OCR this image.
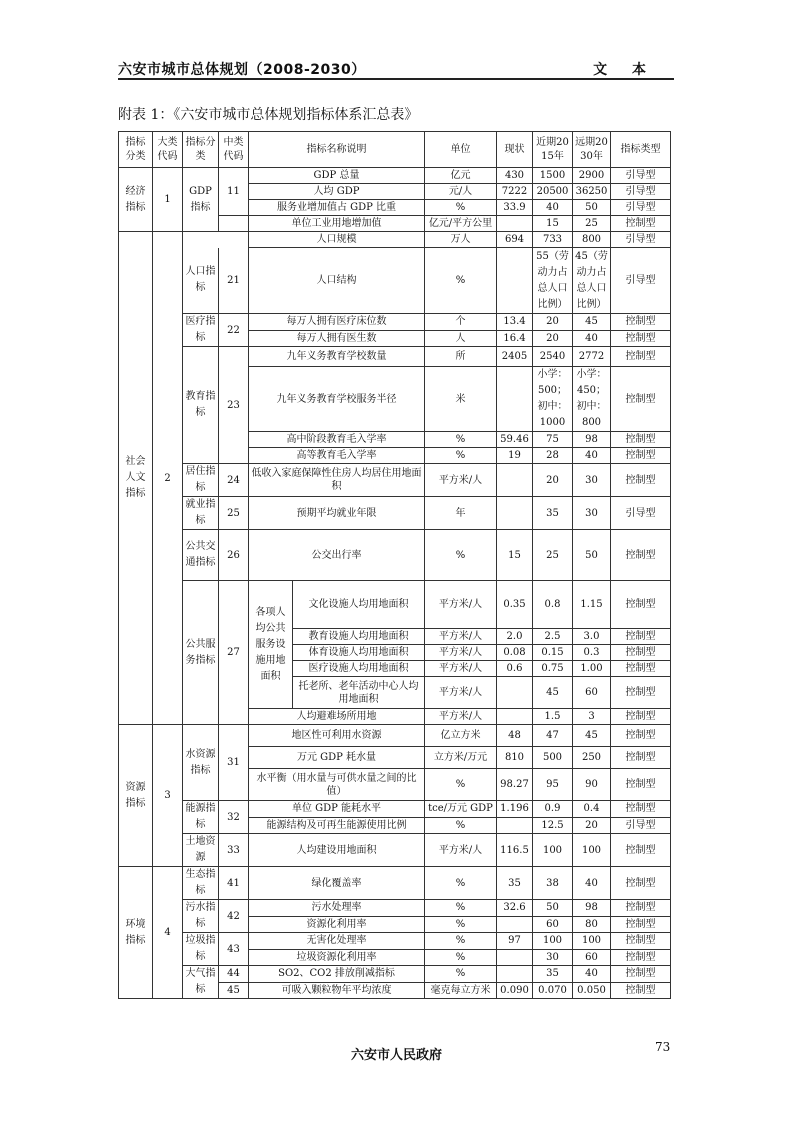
六安市城市总体规划（2008-2030）	文 本
附表 1：《六安市城市总体规划指标体系汇总表》
指标分类	大类代码	指标分类	中类代码	指标名称说明		单位	现状	近期2015年	远期2030年	指标类型
经济指标	1	GDP指标	11	GDP 总量		亿元	430	1500	2900	引导型
				人均 GDP		元/人	7222	20500	36250	引导型
				服务业增加值占 GDP 比重		%	33.9	40	50	引导型
				单位工业用地增加值		亿元/平方公里		15	25	控制型
社会人文指标	2			人口规模		万人	694	733	800	引导型
		人口指标	21	人口结构		%		55（劳动力占总人口比例）	45（劳动力占总人口比例）	引导型
		医疗指标	22	每万人拥有医疗床位数		个	13.4	20	45	控制型
				每万人拥有医生数		人	16.4	20	40	控制型
		教育指标	23	九年义务教育学校数量		所	2405	2540	2772	控制型
				九年义务教育学校服务半径		米		小学：500；初中：1000	小学：450；初中：800	控制型
				高中阶段教育毛入学率		%	59.46	75	98	控制型
				高等教育毛入学率		%	19	28	40	控制型
		居住指标	24	低收入家庭保障性住房人均居住用地面积		平方米/人		20	30	控制型
		就业指标	25	预期平均就业年限		年		35	30	引导型
		公共交通指标	26	公交出行率		%	15	25	50	控制型
		公共服务指标	27	各项人均公共服务设施用地面积	文化设施人均用地面积	平方米/人	0.35	0.8	1.15	控制型
					教育设施人均用地面积	平方米/人	2.0	2.5	3.0	控制型
					体育设施人均用地面积	平方米/人	0.08	0.15	0.3	控制型
					医疗设施人均用地面积	平方米/人	0.6	0.75	1.00	控制型
					托老所、老年活动中心人均用地面积	平方米/人		45	60	控制型
				人均避难场所用地		平方米/人		1.5	3	控制型
资源指标	3	水资源指标	31	地区性可利用水资源		亿立方米	48	47	45	控制型
				万元 GDP 耗水量		立方米/万元	810	500	250	控制型
				水平衡（用水量与可供水量之间的比值）		%	98.27	95	90	控制型
		能源指标	32	单位 GDP 能耗水平		tce/万元 GDP	1.196	0.9	0.4	控制型
				能源结构及可再生能源使用比例		%		12.5	20	引导型
		土地资源	33	人均建设用地面积		平方米/人	116.5	100	100	控制型

环境指标	4	生态指标	41	绿化覆盖率		%	35	38	40	控制型
		污水指标	42	污水处理率		%	32.6	50	98	控制型
				资源化利用率		%		60	80	控制型
		垃圾指标	43	无害化处理率		%	97	100	100	控制型
				垃圾资源化利用率		%		30	60	控制型
		大气指标	44	SO2、CO2 排放削减指标		%		35	40	控制型
			45	可吸入颗粒物年平均浓度		毫克每立方米	0.090	0.070	0.050	控制型
六安市人民政府
73
